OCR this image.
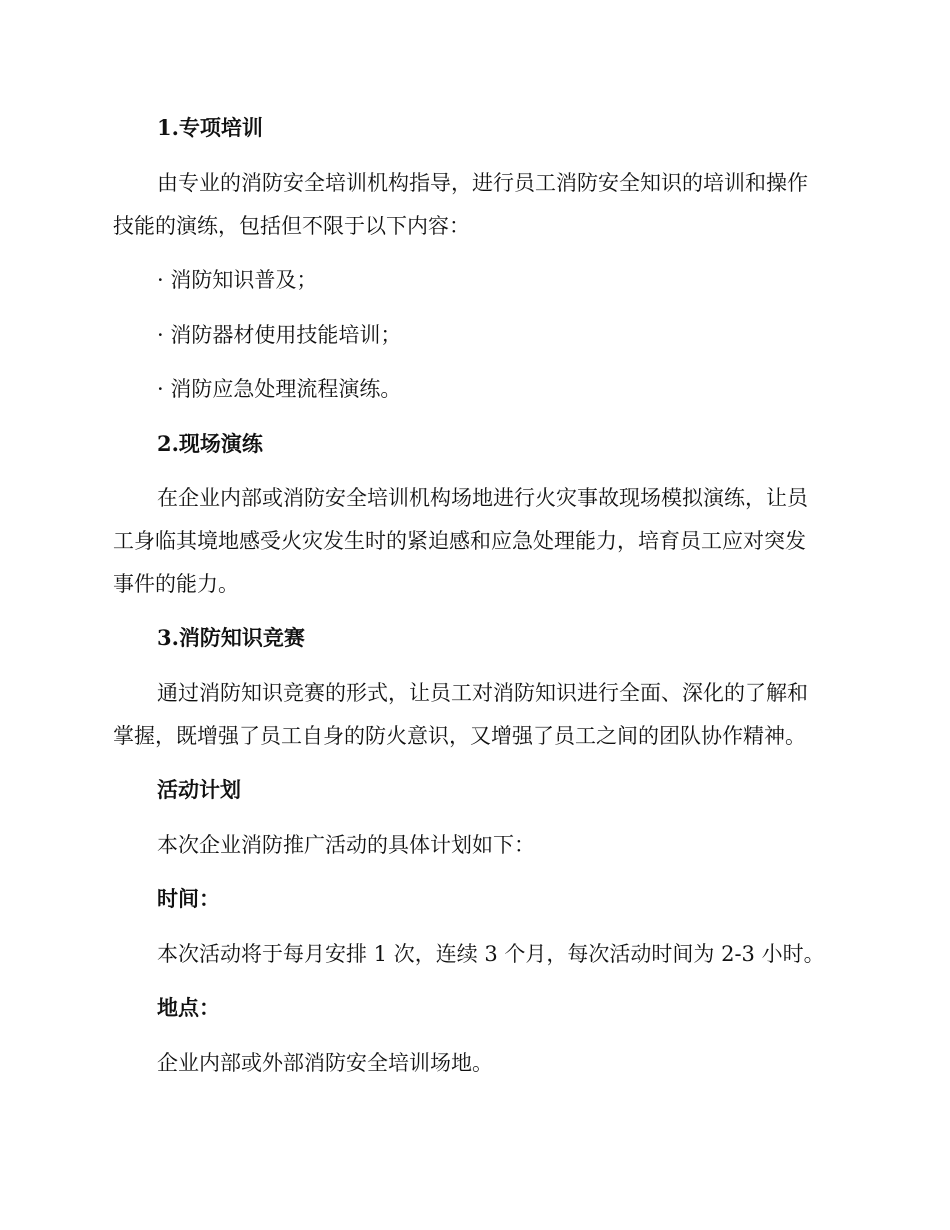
1.专项培训
由专业的消防安全培训机构指导，进行员工消防安全知识的培训和操作
技能的演练，包括但不限于以下内容：
· 消防知识普及；
· 消防器材使用技能培训；
· 消防应急处理流程演练。
2.现场演练
在企业内部或消防安全培训机构场地进行火灾事故现场模拟演练，让员
工身临其境地感受火灾发生时的紧迫感和应急处理能力，培育员工应对突发
事件的能力。
3.消防知识竞赛
通过消防知识竞赛的形式，让员工对消防知识进行全面、深化的了解和
掌握，既增强了员工自身的防火意识，又增强了员工之间的团队协作精神。
活动计划
本次企业消防推广活动的具体计划如下：
时间：
本次活动将于每月安排 1 次，连续 3 个月，每次活动时间为 2-3 小时。
地点：
企业内部或外部消防安全培训场地。
